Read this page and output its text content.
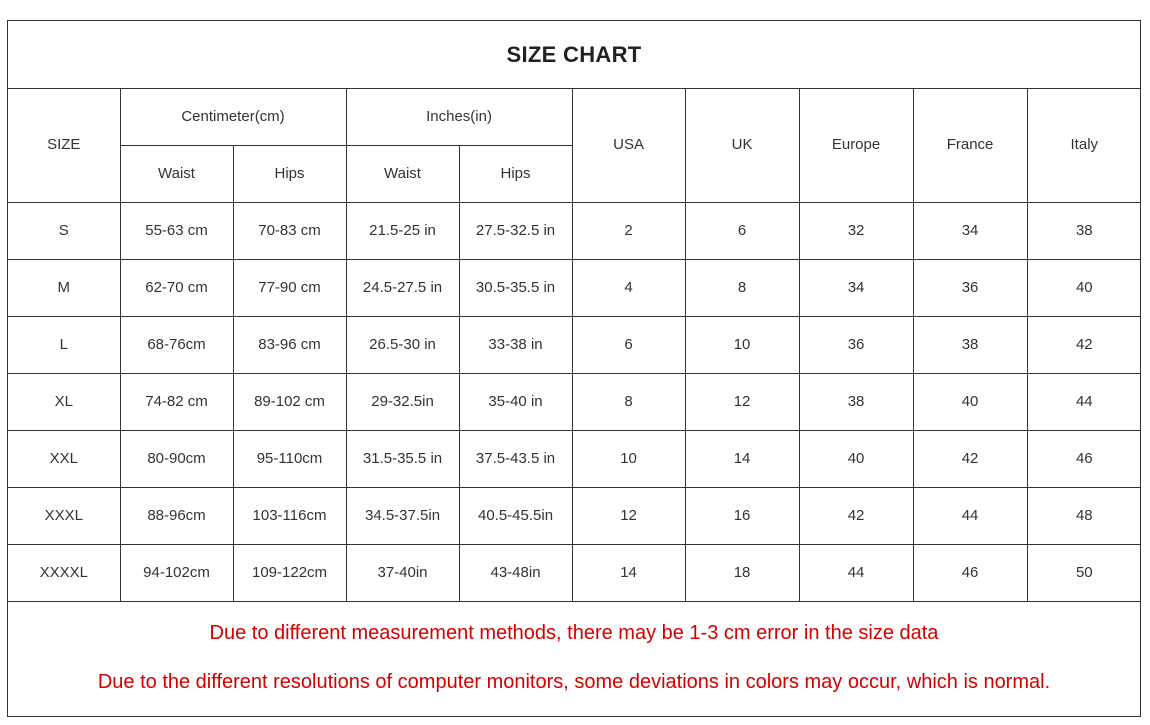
SIZE CHART
SIZE	Centimeter(cm)		Inches(in)		USA	UK	Europe	France	Italy
	Waist	Hips	Waist	Hips					
S	55-63 cm	70-83 cm	21.5-25 in	27.5-32.5 in	2	6	32	34	38
M	62-70 cm	77-90 cm	24.5-27.5 in	30.5-35.5 in	4	8	34	36	40
L	68-76cm	83-96 cm	26.5-30 in	33-38 in	6	10	36	38	42
XL	74-82 cm	89-102 cm	29-32.5in	35-40 in	8	12	38	40	44
XXL	80-90cm	95-110cm	31.5-35.5 in	37.5-43.5 in	10	14	40	42	46
XXXL	88-96cm	103-116cm	34.5-37.5in	40.5-45.5in	12	16	42	44	48
XXXXL	94-102cm	109-122cm	37-40in	43-48in	14	18	44	46	50
Due to different measurement methods, there may be 1-3 cm error in the size data
Due to the different resolutions of computer monitors, some deviations in colors may occur, which is normal.
